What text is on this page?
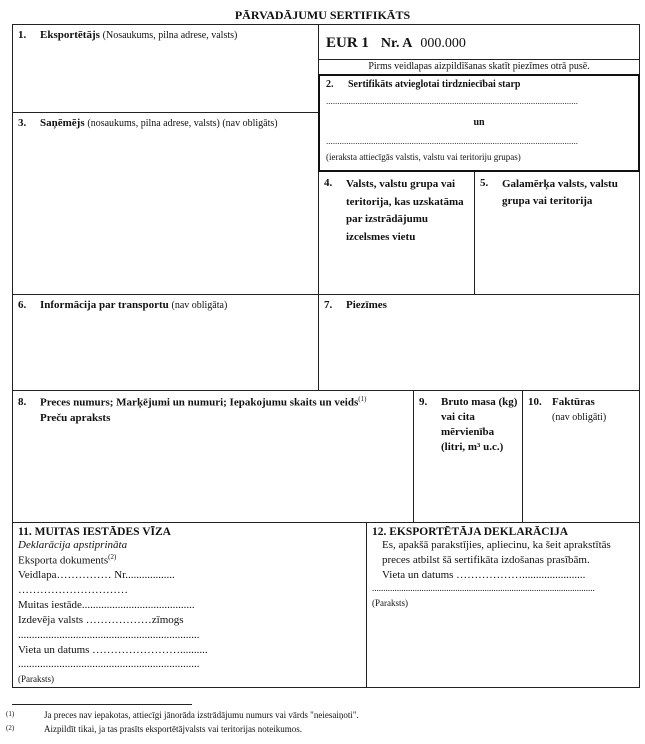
PĀRVADĀJUMU SERTIFIKĀTS
1. Eksportētājs (Nosaukums, pilna adrese, valsts)	EUR 1 Nr. A 000.000
Pirms veidlapas aizpildīšanas skatīt piezīmes otrā pusē.
2. Sertifikāts atvieglotai tirdzniecībai starp
................................................................................................................
un
................................................................................................................
(ieraksta attiecīgās valstis, valstu vai teritoriju grupas)
3. Saņēmējs (nosaukums, pilna adrese, valsts) (nav obligāts)
4.	Valsts, valstu grupa vai teritorija, kas uzskatāma par izstrādājumu izcelsmes vietu
5.	Galamērķa valsts, valstu grupa vai teritorija
6. Informācija par transportu (nav obligāta)	7. Piezīmes
8.	Preces numurs; Marķējumi un numuri; Iepakojumu skaits un veids$^{(1)}$
Preču apraksts
9.	Bruto masa (kg) vai cita mērvienība (litri, m³ u.c.)
10.	Faktūras
(nav obligāti)
11. MUITAS IESTĀDES VĪZA
Deklarācija apstiprināta
Eksporta dokuments$^{(2)}$
Veidlapa…………… Nr..................
…………………………
Muitas iestāde.........................................
Izdevēja valsts ………………zīmogs
..................................................................
Vieta un datums ……………………..........
..................................................................
(Paraksts)
12. EKSPORTĒTĀJA DEKLARĀCIJA
Es, apakšā parakstījies, apliecinu, ka šeit aprakstītās preces atbilst šā sertifikāta izdošanas prasībām.
Vieta un datums ……………….......................
...................................................................................................
(Paraksts)
(1)	Ja preces nav iepakotas, attiecīgi jānorāda izstrādājumu numurs vai vārds "neiesaiņoti".
(2)	Aizpildīt tikai, ja tas prasīts eksportētājvalsts vai teritorijas noteikumos.
